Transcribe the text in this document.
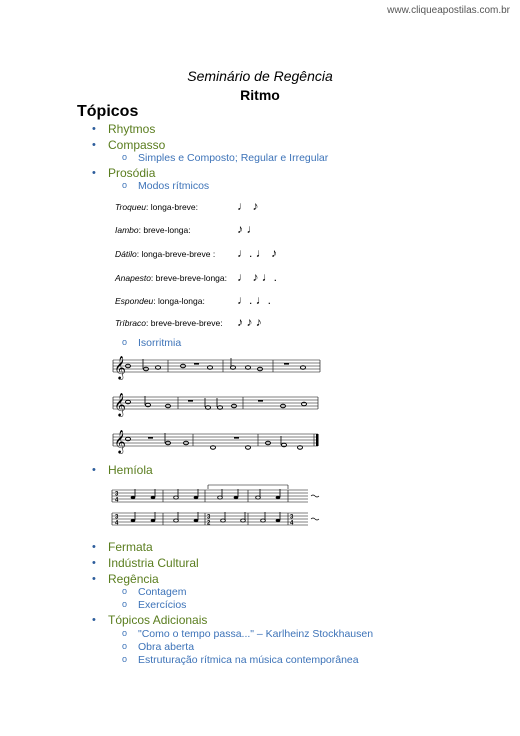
www.cliqueapostilas.com.br
Seminário de Regência
Ritmo
Tópicos
• Rhytmos
• Compasso
o Simples e Composto; Regular e Irregular
• Prosódia
o Modos rítmicos
Troqueu: longa-breve:	♩ ♪
Iambo: breve-longa:	♪ ♩
Dátilo: longa-breve-breve : ♩. ♩ ♪
Anapesto: breve-breve-longa: ♩ ♪ ♩.
Espondeu: longa-longa:	♩. ♩.
Tríbraco: breve-breve-breve: ♪ ♪ ♪
o Isorritmia
𝄞
𝄞
𝄞
• Hemíola
3
4
3
4
3
2
3
4
• Fermata
• Indústria Cultural
• Regência
o Contagem
o Exercícios
• Tópicos Adicionais
o "Como o tempo passa..." – Karlheinz Stockhausen
o Obra aberta
o Estruturação rítmica na música contemporânea
